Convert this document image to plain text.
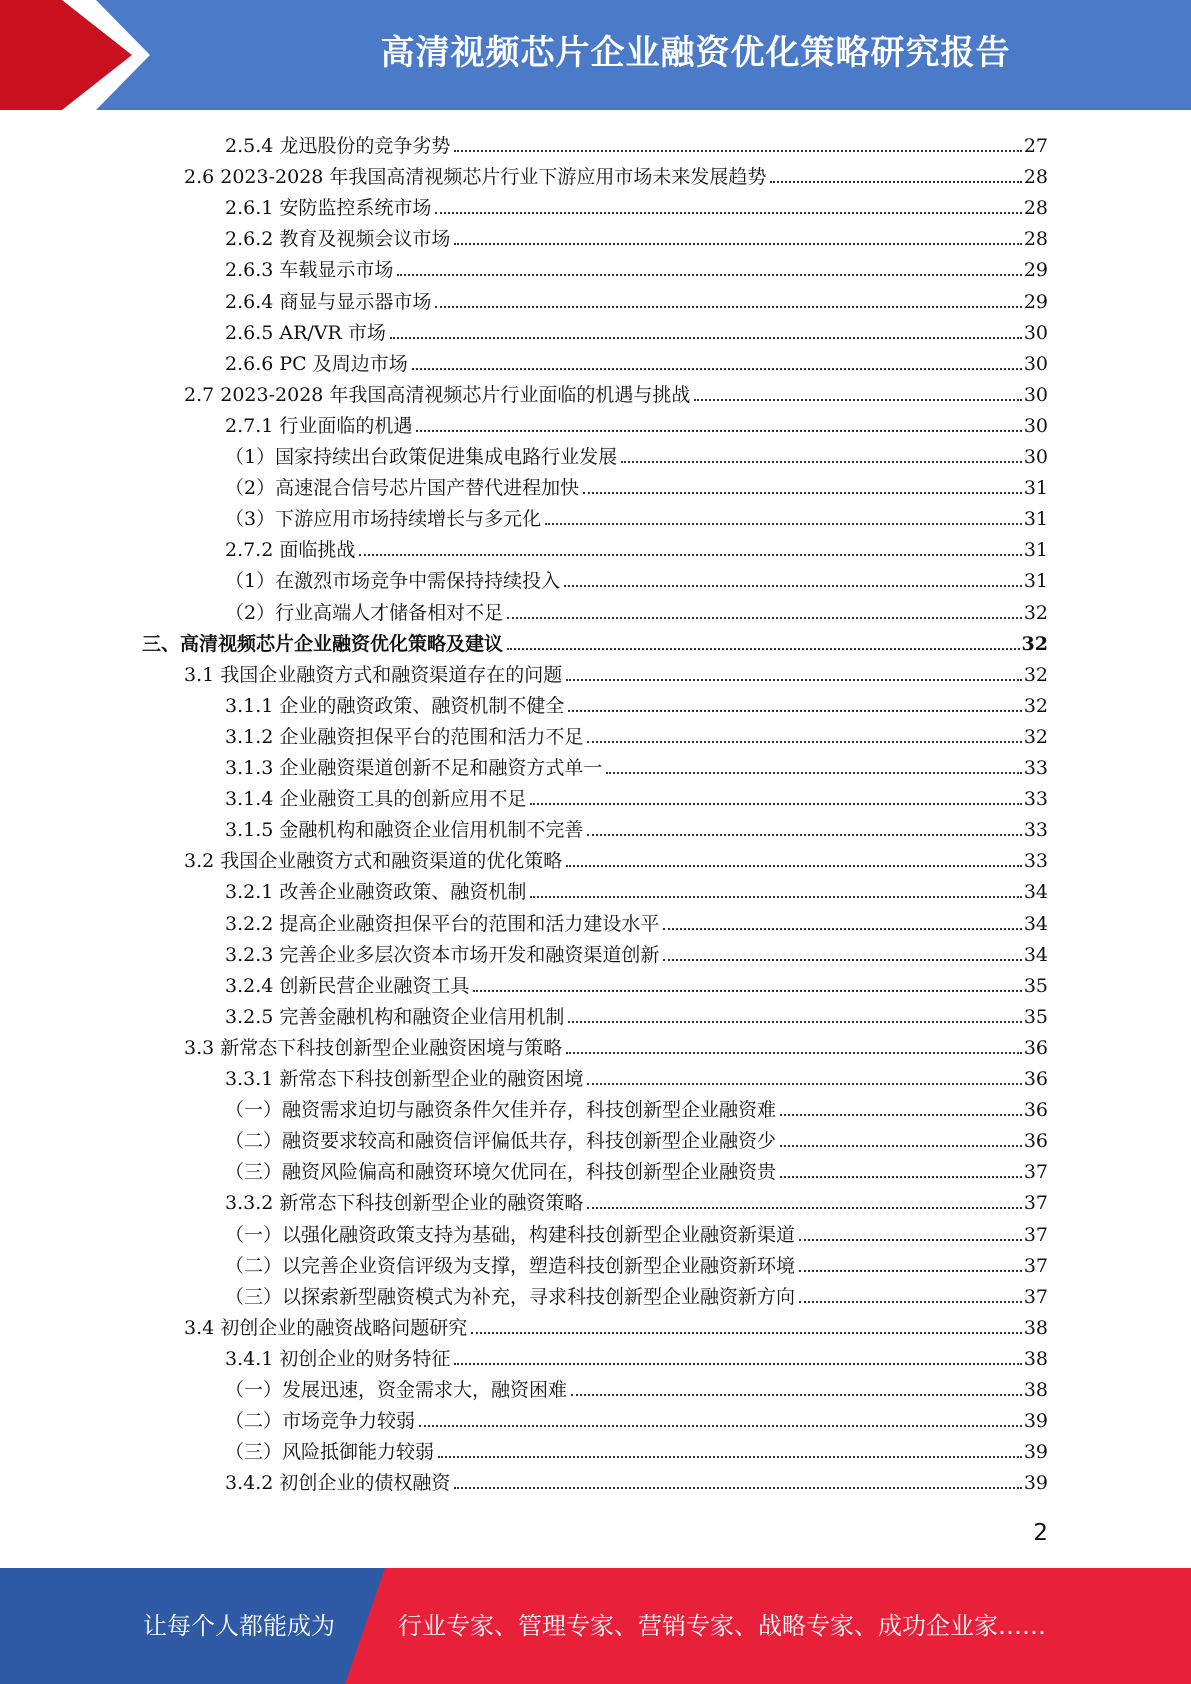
高清视频芯片企业融资优化策略研究报告
2.5.4 龙迅股份的竞争劣势	27
2.6 2023-2028 年我国高清视频芯片行业下游应用市场未来发展趋势	28
2.6.1 安防监控系统市场	28
2.6.2 教育及视频会议市场	28
2.6.3 车载显示市场	29
2.6.4 商显与显示器市场	29
2.6.5 AR/VR 市场	30
2.6.6 PC 及周边市场	30
2.7 2023-2028 年我国高清视频芯片行业面临的机遇与挑战	30
2.7.1 行业面临的机遇	30
（1）国家持续出台政策促进集成电路行业发展	30
（2）高速混合信号芯片国产替代进程加快	31
（3）下游应用市场持续增长与多元化	31
2.7.2 面临挑战	31
（1）在激烈市场竞争中需保持持续投入	31
（2）行业高端人才储备相对不足	32
三、高清视频芯片企业融资优化策略及建议	32
3.1 我国企业融资方式和融资渠道存在的问题	32
3.1.1 企业的融资政策、融资机制不健全	32
3.1.2 企业融资担保平台的范围和活力不足	32
3.1.3 企业融资渠道创新不足和融资方式单一	33
3.1.4 企业融资工具的创新应用不足	33
3.1.5 金融机构和融资企业信用机制不完善	33
3.2 我国企业融资方式和融资渠道的优化策略	33
3.2.1 改善企业融资政策、融资机制	34
3.2.2 提高企业融资担保平台的范围和活力建设水平	34
3.2.3 完善企业多层次资本市场开发和融资渠道创新	34
3.2.4 创新民营企业融资工具	35
3.2.5 完善金融机构和融资企业信用机制	35
3.3 新常态下科技创新型企业融资困境与策略	36
3.3.1 新常态下科技创新型企业的融资困境	36
（一）融资需求迫切与融资条件欠佳并存，科技创新型企业融资难	36
（二）融资要求较高和融资信评偏低共存，科技创新型企业融资少	36
（三）融资风险偏高和融资环境欠优同在，科技创新型企业融资贵	37
3.3.2 新常态下科技创新型企业的融资策略	37
（一）以强化融资政策支持为基础，构建科技创新型企业融资新渠道	37
（二）以完善企业资信评级为支撑，塑造科技创新型企业融资新环境	37
（三）以探索新型融资模式为补充，寻求科技创新型企业融资新方向	37
3.4 初创企业的融资战略问题研究	38
3.4.1 初创企业的财务特征	38
（一）发展迅速，资金需求大，融资困难	38
（二）市场竞争力较弱	39
（三）风险抵御能力较弱	39
3.4.2 初创企业的债权融资	39
2
让每个人都能成为	行业专家、管理专家、营销专家、战略专家、成功企业家……
